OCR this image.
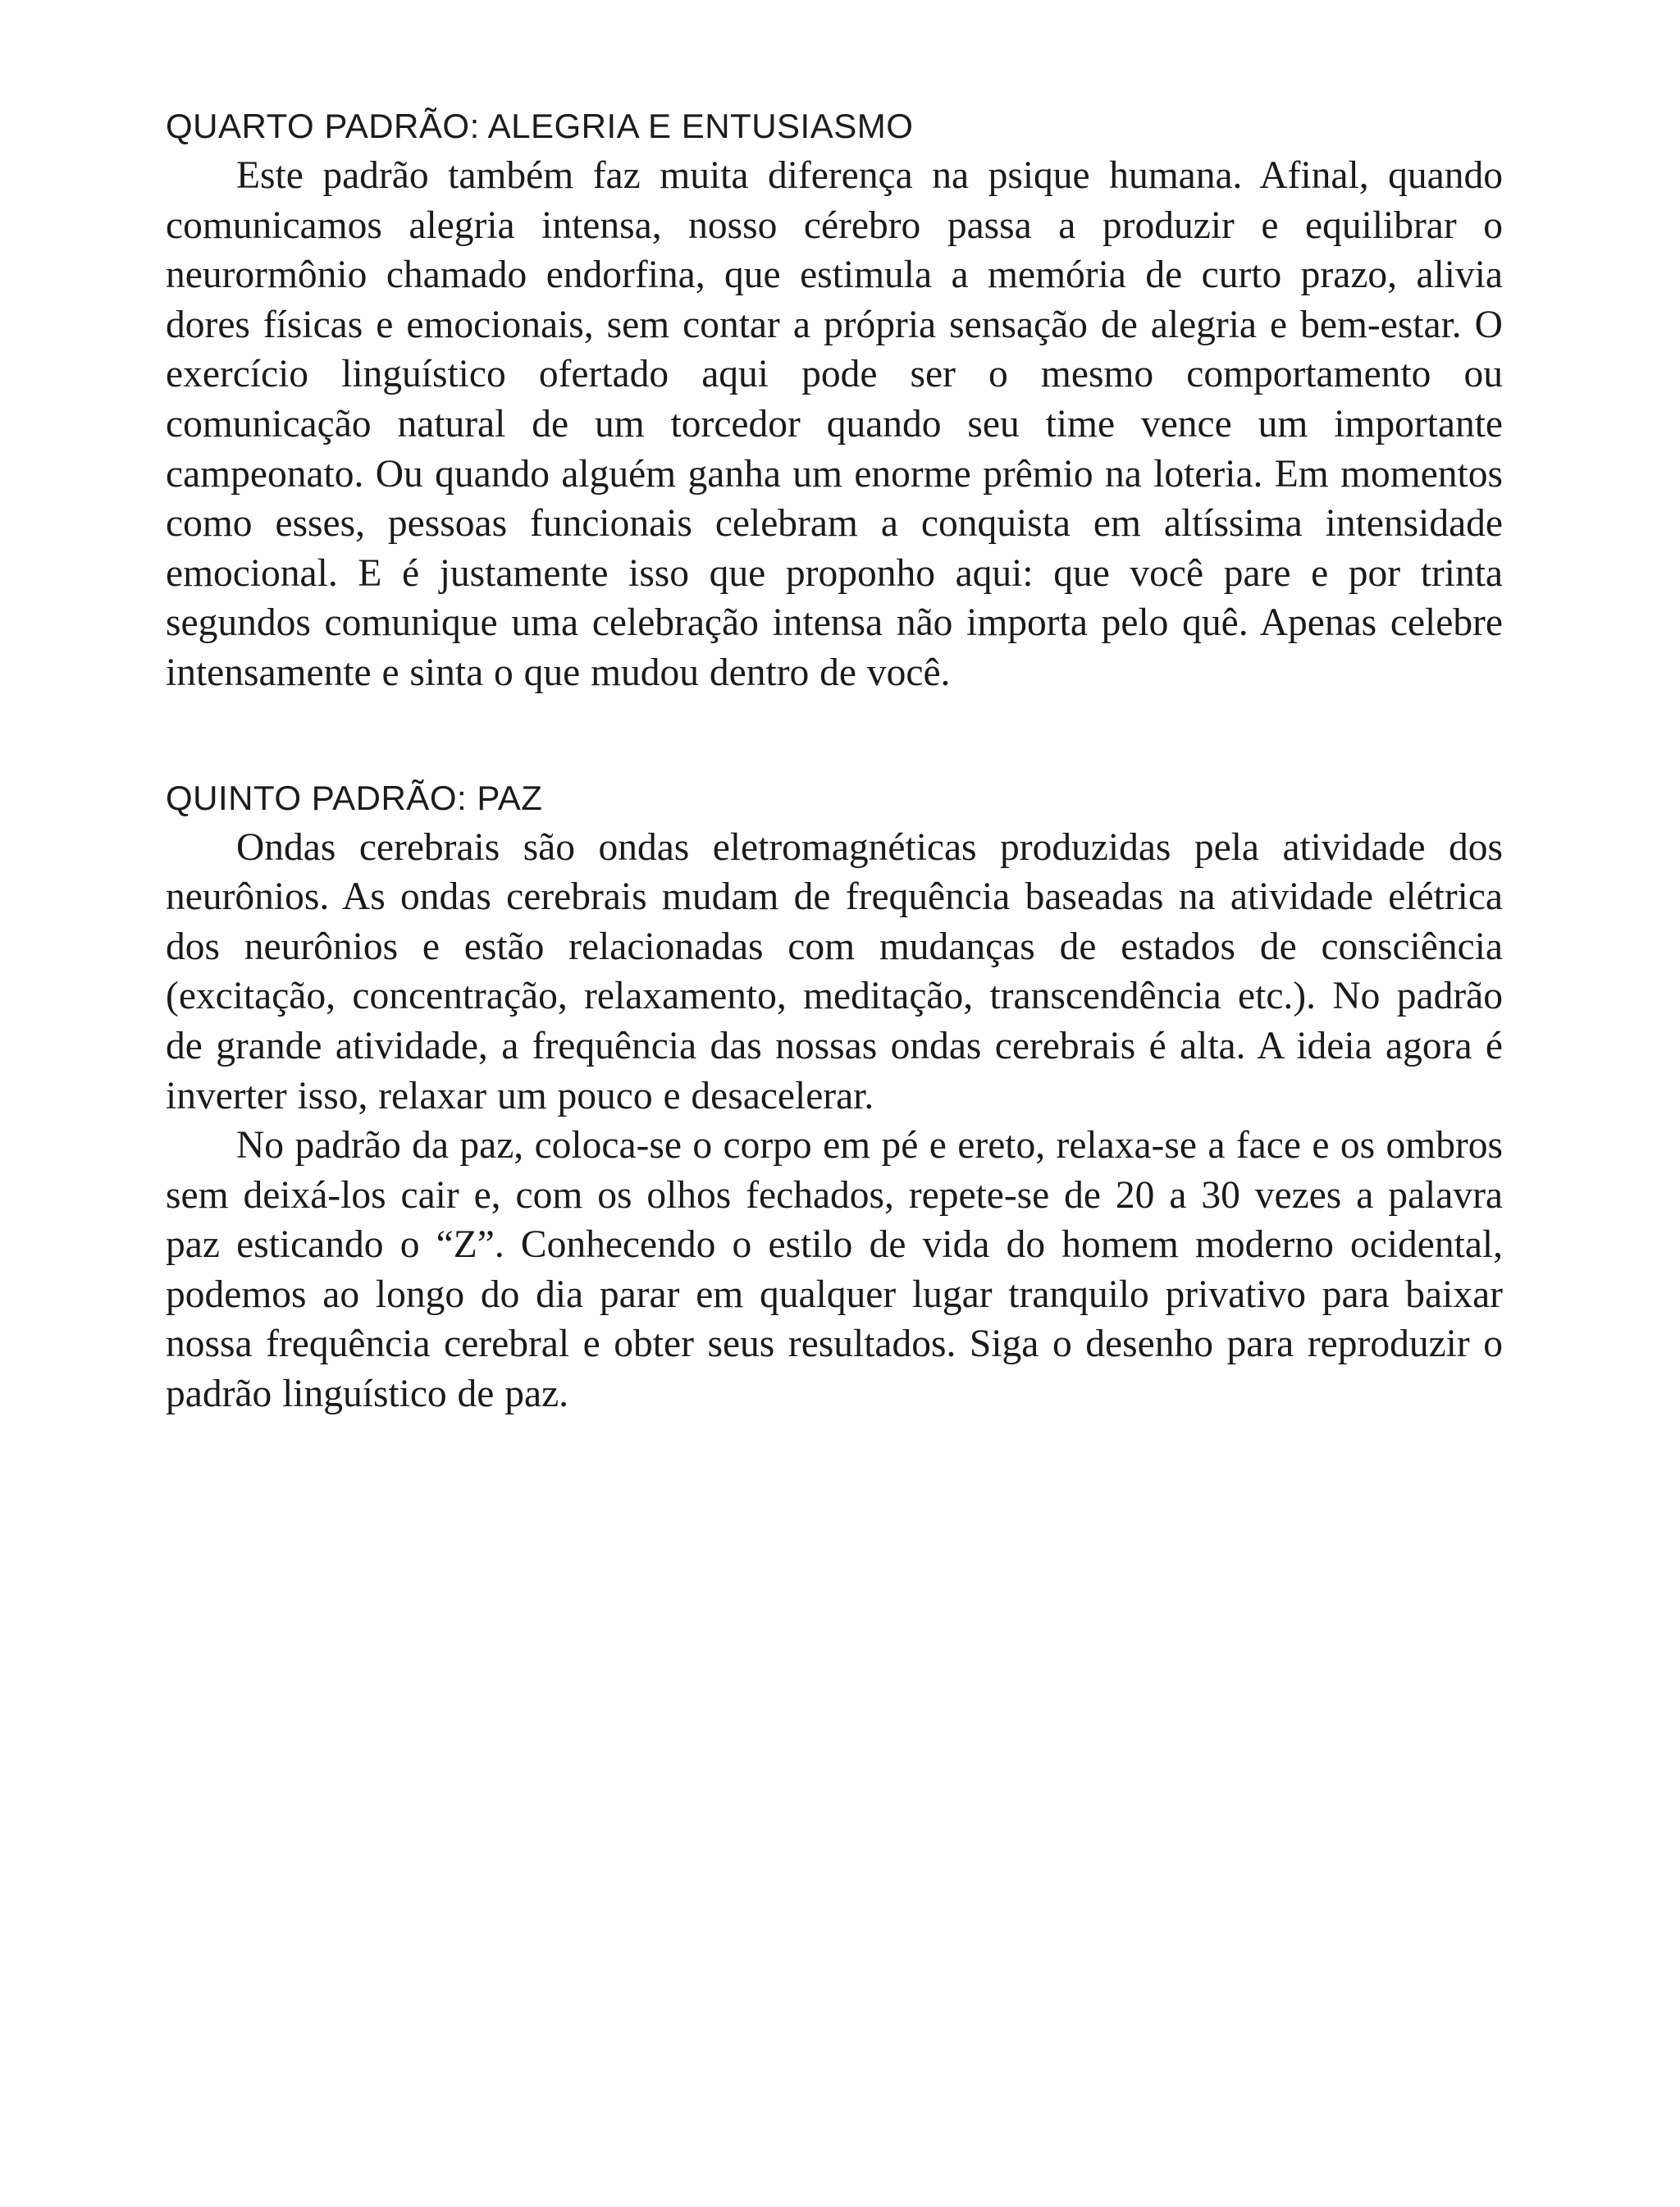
QUARTO PADRÃO: ALEGRIA E ENTUSIASMO

Este padrão também faz muita diferença na psique humana. Afinal, quando comunicamos alegria intensa, nosso cérebro passa a produzir e equilibrar o neurormônio chamado endorfina, que estimula a memória de curto prazo, alivia dores físicas e emocionais, sem contar a própria sensação de alegria e bem-estar. O exercício linguístico ofertado aqui pode ser o mesmo comportamento ou comunicação natural de um torcedor quando seu time vence um importante campeonato. Ou quando alguém ganha um enorme prêmio na loteria. Em momentos como esses, pessoas funcionais celebram a conquista em altíssima intensidade emocional. E é justamente isso que proponho aqui: que você pare e por trinta segundos comunique uma celebração intensa não importa pelo quê. Apenas celebre intensamente e sinta o que mudou dentro de você.

QUINTO PADRÃO: PAZ

Ondas cerebrais são ondas eletromagnéticas produzidas pela atividade dos neurônios. As ondas cerebrais mudam de frequência baseadas na atividade elétrica dos neurônios e estão relacionadas com mudanças de estados de consciência (excitação, concentração, relaxamento, meditação, transcendência etc.). No padrão de grande atividade, a frequência das nossas ondas cerebrais é alta. A ideia agora é inverter isso, relaxar um pouco e desacelerar.

No padrão da paz, coloca-se o corpo em pé e ereto, relaxa-se a face e os ombros sem deixá-los cair e, com os olhos fechados, repete-se de 20 a 30 vezes a palavra paz esticando o “Z”. Conhecendo o estilo de vida do homem moderno ocidental, podemos ao longo do dia parar em qualquer lugar tranquilo privativo para baixar nossa frequência cerebral e obter seus resultados. Siga o desenho para reproduzir o padrão linguístico de paz.
